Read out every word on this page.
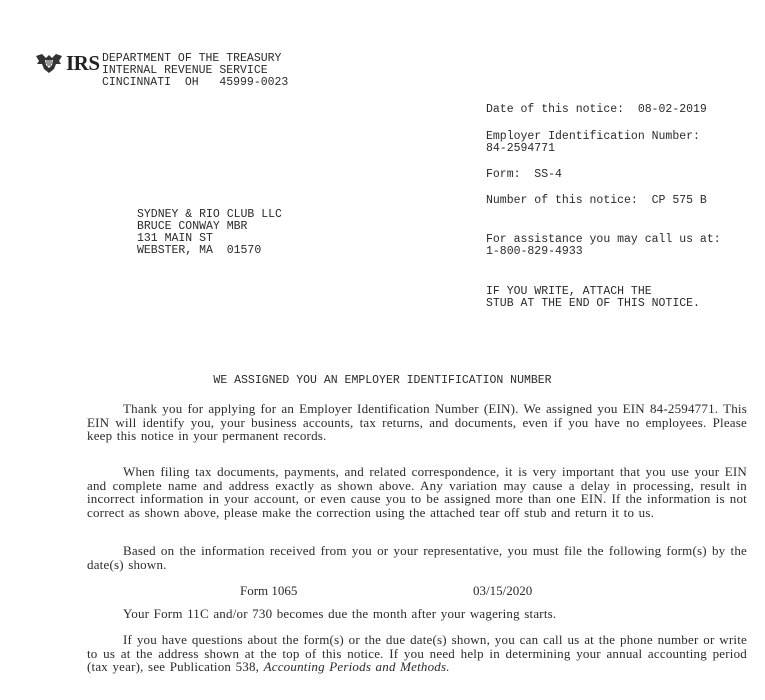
IRS DEPARTMENT OF THE TREASURY
INTERNAL REVENUE SERVICE
CINCINNATI  OH   45999-0023
Date of this notice:  08-02-2019
Employer Identification Number:
84-2594771
Form:  SS-4
Number of this notice:  CP 575 B
For assistance you may call us at:
1-800-829-4933
IF YOU WRITE, ATTACH THE
STUB AT THE END OF THIS NOTICE.
SYDNEY & RIO CLUB LLC
BRUCE CONWAY MBR
131 MAIN ST
WEBSTER, MA  01570
WE ASSIGNED YOU AN EMPLOYER IDENTIFICATION NUMBER
Thank you for applying for an Employer Identification Number (EIN). We assigned you EIN 84-2594771. This EIN will identify you, your business accounts, tax returns, and documents, even if you have no employees. Please keep this notice in your permanent records.
When filing tax documents, payments, and related correspondence, it is very important that you use your EIN and complete name and address exactly as shown above. Any variation may cause a delay in processing, result in incorrect information in your account, or even cause you to be assigned more than one EIN. If the information is not correct as shown above, please make the correction using the attached tear off stub and return it to us.
Based on the information received from you or your representative, you must file the following form(s) by the date(s) shown.
Form 1065	03/15/2020
Your Form 11C and/or 730 becomes due the month after your wagering starts.
If you have questions about the form(s) or the due date(s) shown, you can call us at the phone number or write to us at the address shown at the top of this notice. If you need help in determining your annual accounting period (tax year), see Publication 538, Accounting Periods and Methods.
